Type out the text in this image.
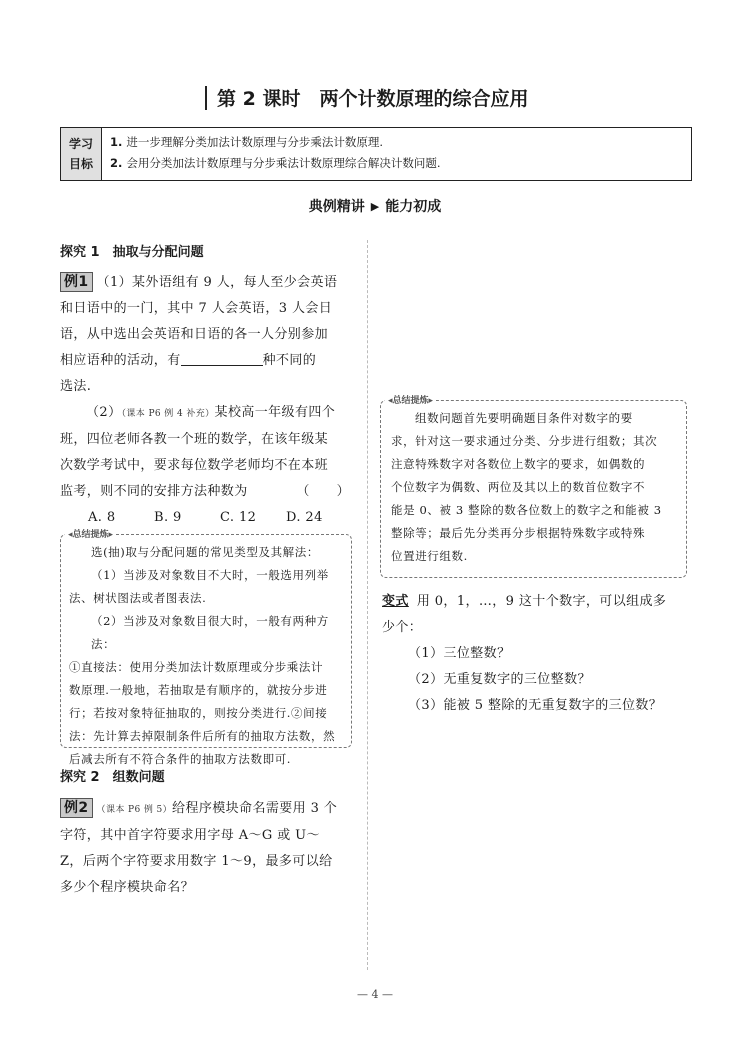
第 2 课时　两个计数原理的综合应用
学习
目标
1. 进一步理解分类加法计数原理与分步乘法计数原理.
2. 会用分类加法计数原理与分步乘法计数原理综合解决计数问题.
典例精讲 ▶ 能力初成
探究 1　抽取与分配问题
例1 （1）某外语组有 9 人，每人至少会英语
和日语中的一门，其中 7 人会英语，3 人会日
语，从中选出会英语和日语的各一人分别参加
相应语种的活动，有	种不同的
选法.
（2）（课本 P6 例 4 补充）某校高一年级有四个
班，四位老师各教一个班的数学，在该年级某
次数学考试中，要求每位数学老师均不在本班
监考，则不同的安排方法种数为	（　　）
A. 8	B. 9	C. 12	D. 24
◂总结提炼▸
选(抽)取与分配问题的常见类型及其解法：
（1）当涉及对象数目不大时，一般选用列举
法、树状图法或者图表法.
（2）当涉及对象数目很大时，一般有两种方法：
①直接法：使用分类加法计数原理或分步乘法计
数原理.一般地，若抽取是有顺序的，就按分步进
行；若按对象特征抽取的，则按分类进行.②间接
法：先计算去掉限制条件后所有的抽取方法数，然
后减去所有不符合条件的抽取方法数即可.
探究 2　组数问题
例2 （课本 P6 例 5）给程序模块命名需要用 3 个
字符，其中首字符要求用字母 A～G 或 U～
Z，后两个字符要求用数字 1～9，最多可以给
多少个程序模块命名？
◂总结提炼▸
组数问题首先要明确题目条件对数字的要
求，针对这一要求通过分类、分步进行组数；其次
注意特殊数字对各数位上数字的要求，如偶数的
个位数字为偶数、两位及其以上的数首位数字不
能是 0、被 3 整除的数各位数上的数字之和能被 3
整除等；最后先分类再分步根据特殊数字或特殊
位置进行组数.
变式 用 0，1，…，9 这十个数字，可以组成多
少个：
（1）三位整数？
（2）无重复数字的三位整数？
（3）能被 5 整除的无重复数字的三位数？
— 4 —
